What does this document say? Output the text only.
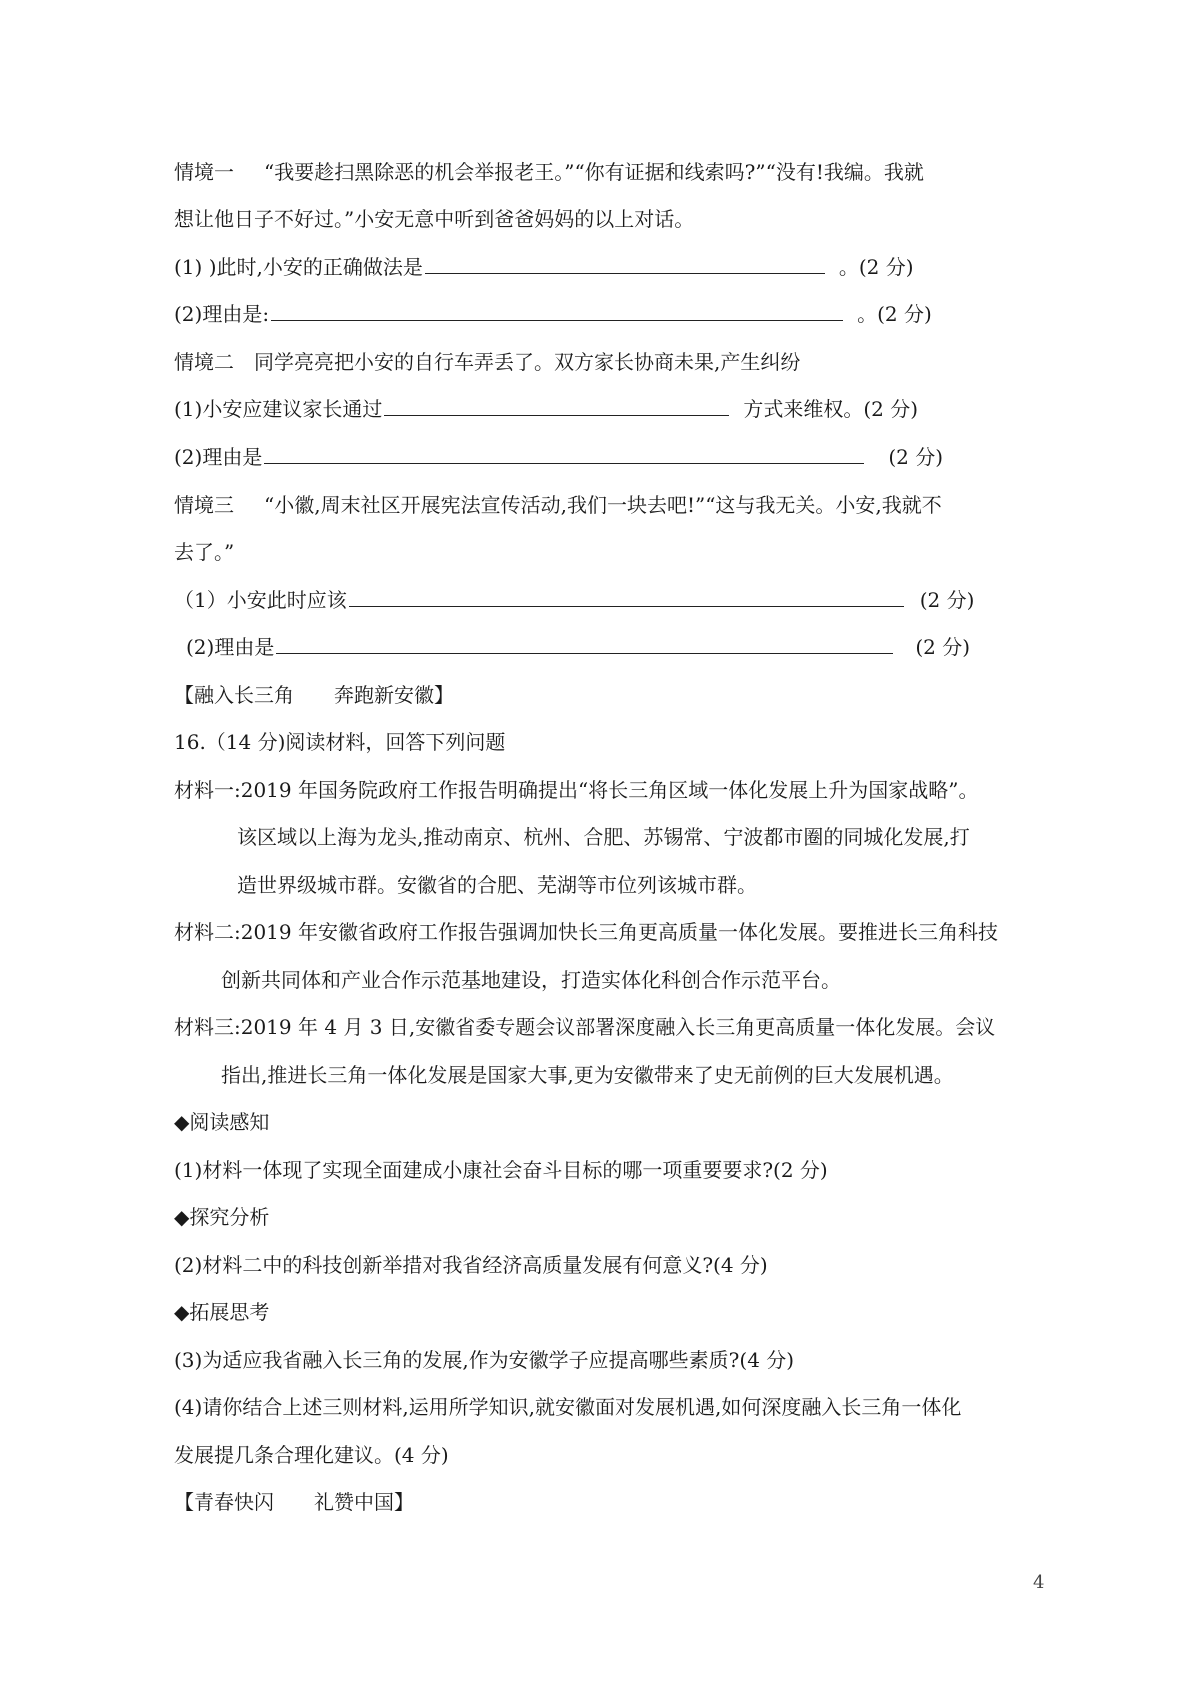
情境一 “我要趁扫黑除恶的机会举报老王。”“你有证据和线索吗?”“没有!我编。我就
想让他日子不好过。”小安无意中听到爸爸妈妈的以上对话。
(1) )此时,小安的正确做法是	。(2 分)
(2)理由是:	。(2 分)
情境二 同学亮亮把小安的自行车弄丢了。双方家长协商未果,产生纠纷
(1)小安应建议家长通过	方式来维权。(2 分)
(2)理由是	(2 分)
情境三 “小徽,周末社区开展宪法宣传活动,我们一块去吧!”“这与我无关。小安,我就不
去了。”
（1）小安此时应该	(2 分)
(2)理由是	(2 分)
【融入长三角　　奔跑新安徽】
16.（14 分)阅读材料，回答下列问题
材料一:2019 年国务院政府工作报告明确提出“将长三角区域一体化发展上升为国家战略”。
该区域以上海为龙头,推动南京、杭州、合肥、苏锡常、宁波都市圈的同城化发展,打
造世界级城市群。安徽省的合肥、芜湖等市位列该城市群。
材料二:2019 年安徽省政府工作报告强调加快长三角更高质量一体化发展。要推进长三角科技
创新共同体和产业合作示范基地建设，打造实体化科创合作示范平台。
材料三:2019 年 4 月 3 日,安徽省委专题会议部署深度融入长三角更高质量一体化发展。会议
指出,推进长三角一体化发展是国家大事,更为安徽带来了史无前例的巨大发展机遇。
◆阅读感知
(1)材料一体现了实现全面建成小康社会奋斗目标的哪一项重要要求?(2 分)
◆探究分析
(2)材料二中的科技创新举措对我省经济高质量发展有何意义?(4 分)
◆拓展思考
(3)为适应我省融入长三角的发展,作为安徽学子应提高哪些素质?(4 分)
(4)请你结合上述三则材料,运用所学知识,就安徽面对发展机遇,如何深度融入长三角一体化
发展提几条合理化建议。(4 分)
【青春快闪　　礼赞中国】
4
